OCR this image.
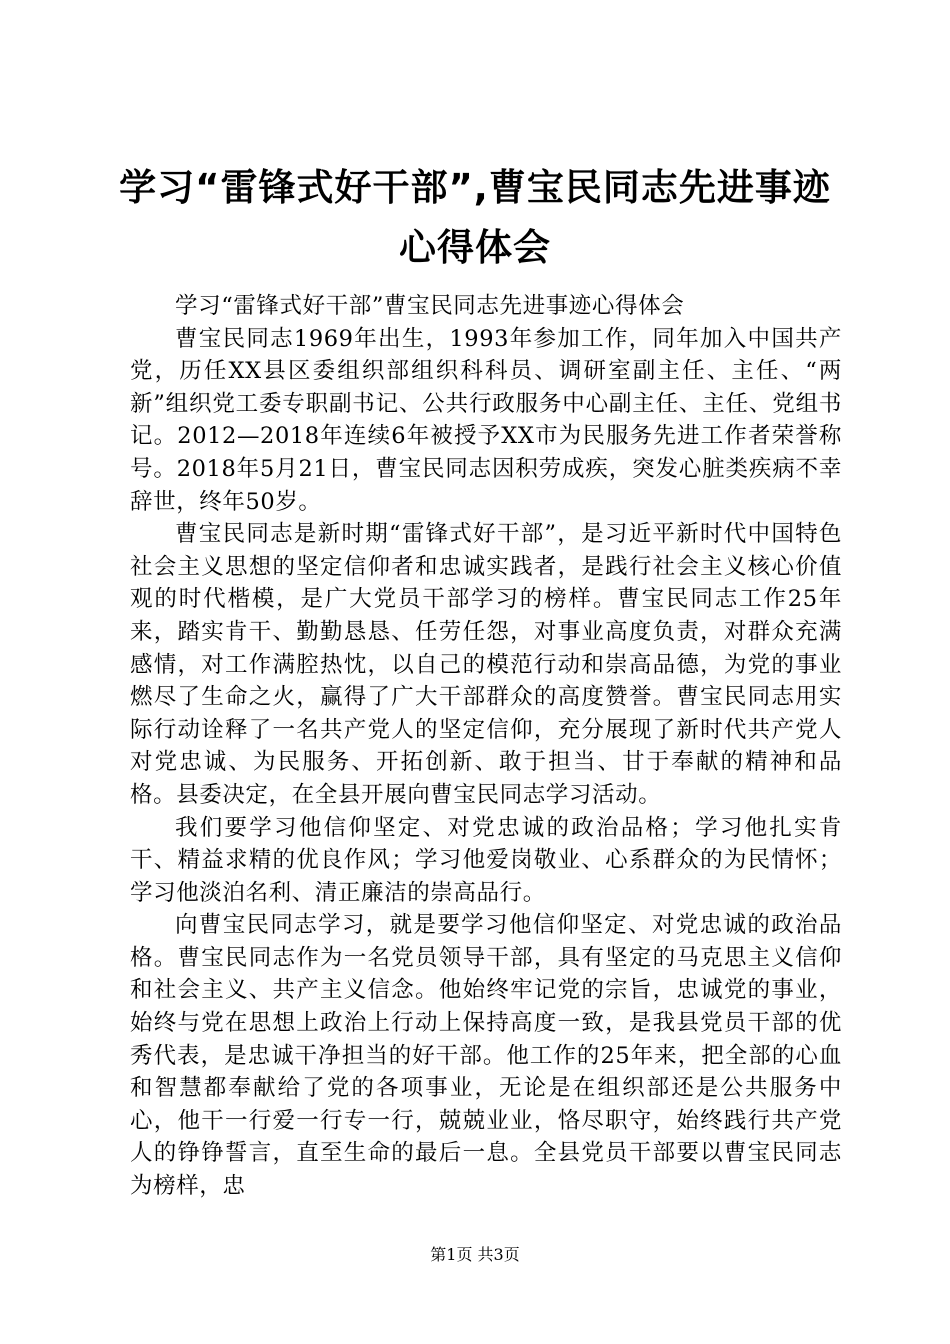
学习“雷锋式好干部”,曹宝民同志先进事迹心得体会

学习“雷锋式好干部”曹宝民同志先进事迹心得体会

曹宝民同志1969年出生，1993年参加工作，同年加入中国共产党，历任XX县区委组织部组织科科员、调研室副主任、主任、“两新”组织党工委专职副书记、公共行政服务中心副主任、主任、党组书记。2012—2018年连续6年被授予XX市为民服务先进工作者荣誉称号。2018年5月21日，曹宝民同志因积劳成疾，突发心脏类疾病不幸辞世，终年50岁。

曹宝民同志是新时期“雷锋式好干部”，是习近平新时代中国特色社会主义思想的坚定信仰者和忠诚实践者，是践行社会主义核心价值观的时代楷模，是广大党员干部学习的榜样。曹宝民同志工作25年来，踏实肯干、勤勤恳恳、任劳任怨，对事业高度负责，对群众充满感情，对工作满腔热忱，以自己的模范行动和崇高品德，为党的事业燃尽了生命之火，赢得了广大干部群众的高度赞誉。曹宝民同志用实际行动诠释了一名共产党人的坚定信仰，充分展现了新时代共产党人对党忠诚、为民服务、开拓创新、敢于担当、甘于奉献的精神和品格。县委决定，在全县开展向曹宝民同志学习活动。

我们要学习他信仰坚定、对党忠诚的政治品格；学习他扎实肯干、精益求精的优良作风；学习他爱岗敬业、心系群众的为民情怀；学习他淡泊名利、清正廉洁的崇高品行。

向曹宝民同志学习，就是要学习他信仰坚定、对党忠诚的政治品格。曹宝民同志作为一名党员领导干部，具有坚定的马克思主义信仰和社会主义、共产主义信念。他始终牢记党的宗旨，忠诚党的事业，始终与党在思想上政治上行动上保持高度一致，是我县党员干部的优秀代表，是忠诚干净担当的好干部。他工作的25年来，把全部的心血和智慧都奉献给了党的各项事业，无论是在组织部还是公共服务中心，他干一行爱一行专一行，兢兢业业，恪尽职守，始终践行共产党人的铮铮誓言，直至生命的最后一息。全县党员干部要以曹宝民同志为榜样，忠

第1页 共3页
